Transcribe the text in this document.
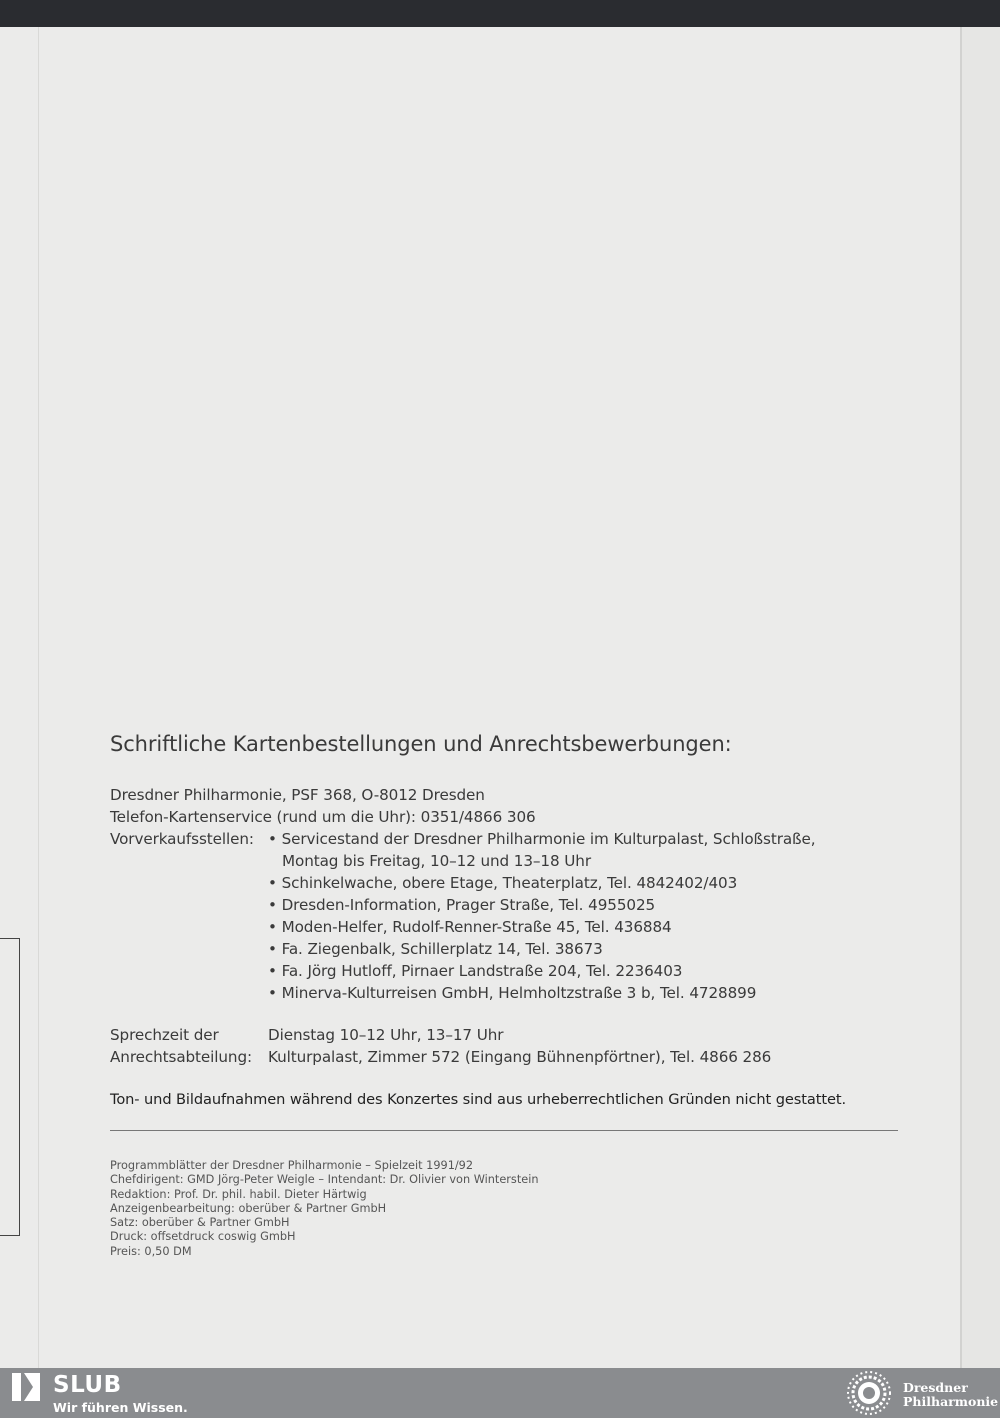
Schriftliche Kartenbestellungen und Anrechtsbewerbungen:
Dresdner Philharmonie, PSF 368, O-8012 Dresden
Telefon-Kartenservice (rund um die Uhr): 0351/4866 306
Vorverkaufsstellen: • Servicestand der Dresdner Philharmonie im Kulturpalast, Schloßstraße,
Montag bis Freitag, 10–12 und 13–18 Uhr
• Schinkelwache, obere Etage, Theaterplatz, Tel. 4842402/403
• Dresden-Information, Prager Straße, Tel. 4955025
• Moden-Helfer, Rudolf-Renner-Straße 45, Tel. 436884
• Fa. Ziegenbalk, Schillerplatz 14, Tel. 38673
• Fa. Jörg Hutloff, Pirnaer Landstraße 204, Tel. 2236403
• Minerva-Kulturreisen GmbH, Helmholtzstraße 3 b, Tel. 4728899
Sprechzeit der
Anrechtsabteilung:
Dienstag 10–12 Uhr, 13–17 Uhr
Kulturpalast, Zimmer 572 (Eingang Bühnenpförtner), Tel. 4866 286
Ton- und Bildaufnahmen während des Konzertes sind aus urheberrechtlichen Gründen nicht gestattet.
Programmblätter der Dresdner Philharmonie – Spielzeit 1991/92
Chefdirigent: GMD Jörg-Peter Weigle – Intendant: Dr. Olivier von Winterstein
Redaktion: Prof. Dr. phil. habil. Dieter Härtwig
Anzeigenbearbeitung: oberüber & Partner GmbH
Satz: oberüber & Partner GmbH
Druck: offsetdruck coswig GmbH
Preis: 0,50 DM
SLUB
Wir führen Wissen.
Dresdner
Philharmonie
